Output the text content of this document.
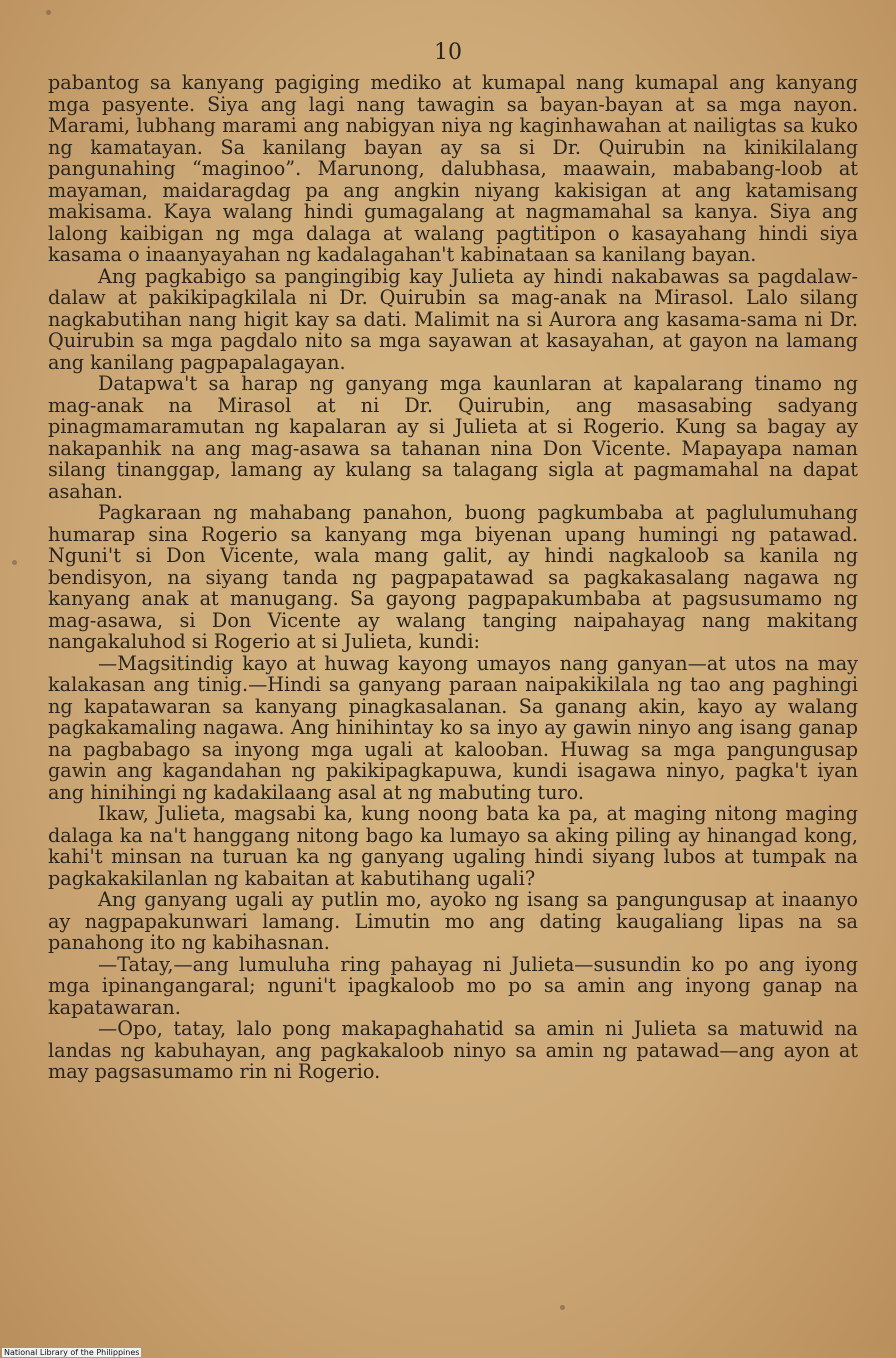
10

pabantog sa kanyang pagiging mediko at kumapal nang kumapal ang kanyang mga pasyente. Siya ang lagi nang tawagin sa bayan-bayan at sa mga nayon. Marami, lubhang marami ang nabigyan niya ng kaginhawahan at nailigtas sa kuko ng kamatayan. Sa kanilang bayan ay sa si Dr. Quirubin na kinikilalang pangunahing “maginoo”. Marunong, dalubhasa, maawain, mababang-loob at mayaman, maidaragdag pa ang angkin niyang kakisigan at ang katamisang makisama. Kaya walang hindi gumagalang at nagmamahal sa kanya. Siya ang lalong kaibigan ng mga dalaga at walang pagtitipon o kasayahang hindi siya kasama o inaanyayahan ng kadalagahan't kabinataan sa kanilang bayan.

Ang pagkabigo sa pangingibig kay Julieta ay hindi nakabawas sa pagdalaw-dalaw at pakikipagkilala ni Dr. Quirubin sa mag-anak na Mirasol. Lalo silang nagkabutihan nang higit kay sa dati. Malimit na si Aurora ang kasama-sama ni Dr. Quirubin sa mga pagdalo nito sa mga sayawan at kasayahan, at gayon na lamang ang kanilang pagpapalagayan.

Datapwa't sa harap ng ganyang mga kaunlaran at kapalarang tinamo ng mag-anak na Mirasol at ni Dr. Quirubin, ang masasabing sadyang pinagmamaramutan ng kapalaran ay si Julieta at si Rogerio. Kung sa bagay ay nakapanhik na ang mag-asawa sa tahanan nina Don Vicente. Mapayapa naman silang tinanggap, lamang ay kulang sa talagang sigla at pagmamahal na dapat asahan.

Pagkaraan ng mahabang panahon, buong pagkumbaba at paglulumuhang humarap sina Rogerio sa kanyang mga biyenan upang humingi ng patawad. Nguni't si Don Vicente, wala mang galit, ay hindi nagkaloob sa kanila ng bendisyon, na siyang tanda ng pagpapatawad sa pagkakasalang nagawa ng kanyang anak at manugang. Sa gayong pagpapakumbaba at pagsusumamo ng mag-asawa, si Don Vicente ay walang tanging naipahayag nang makitang nangakaluhod si Rogerio at si Julieta, kundi:

—Magsitindig kayo at huwag kayong umayos nang ganyan—at utos na may kalakasan ang tinig.—Hindi sa ganyang paraan naipakikilala ng tao ang paghingi ng kapatawaran sa kanyang pinagkasalanan. Sa ganang akin, kayo ay walang pagkakamaling nagawa. Ang hinihintay ko sa inyo ay gawin ninyo ang isang ganap na pagbabago sa inyong mga ugali at kalooban. Huwag sa mga pangungusap gawin ang kagandahan ng pakikipagkapuwa, kundi isagawa ninyo, pagka't iyan ang hinihingi ng kadakilaang asal at ng mabuting turo.

Ikaw, Julieta, magsabi ka, kung noong bata ka pa, at maging nitong maging dalaga ka na't hanggang nitong bago ka lumayo sa aking piling ay hinangad kong, kahi't minsan na turuan ka ng ganyang ugaling hindi siyang lubos at tumpak na pagkakakilanlan ng kabaitan at kabutihang ugali?

Ang ganyang ugali ay putlin mo, ayoko ng isang sa pangungusap at inaanyo ay nagpapakunwari lamang. Limutin mo ang dating kaugaliang lipas na sa panahong ito ng kabihasnan.

—Tatay,—ang lumuluha ring pahayag ni Julieta—susundin ko po ang iyong mga ipinangangaral; nguni't ipagkaloob mo po sa amin ang inyong ganap na kapatawaran.

—Opo, tatay, lalo pong makapaghahatid sa amin ni Julieta sa matuwid na landas ng kabuhayan, ang pagkakaloob ninyo sa amin ng patawad—ang ayon at may pagsasumamo rin ni Rogerio.

National Library of the Philippines
